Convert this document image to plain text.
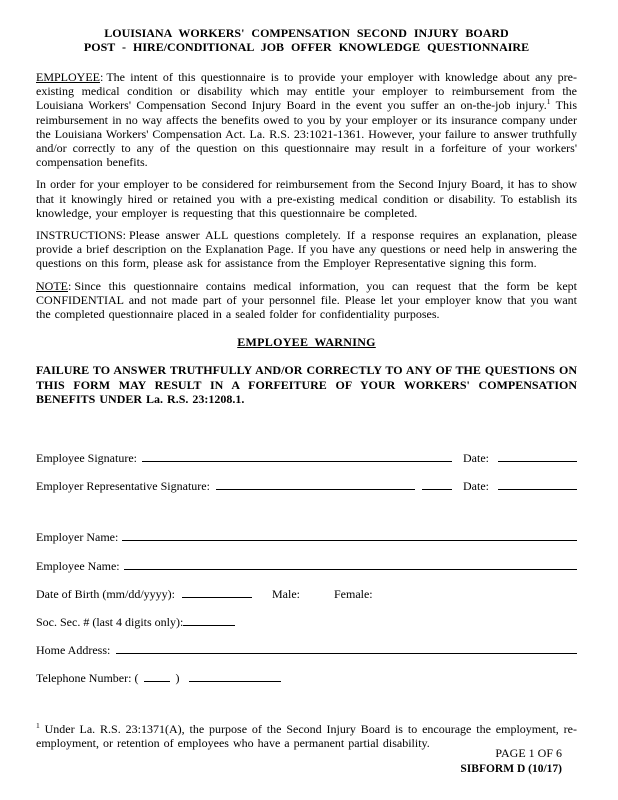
LOUISIANA WORKERS' COMPENSATION SECOND INJURY BOARD
POST - HIRE/CONDITIONAL JOB OFFER KNOWLEDGE QUESTIONNAIRE

EMPLOYEE: The intent of this questionnaire is to provide your employer with knowledge about any pre-existing medical condition or disability which may entitle your employer to reimbursement from the Louisiana Workers' Compensation Second Injury Board in the event you suffer an on-the-job injury.$^1$ This reimbursement in no way affects the benefits owed to you by your employer or its insurance company under the Louisiana Workers' Compensation Act. La. R.S. 23:1021-1361. However, your failure to answer truthfully and/or correctly to any of the question on this questionnaire may result in a forfeiture of your workers' compensation benefits.

In order for your employer to be considered for reimbursement from the Second Injury Board, it has to show that it knowingly hired or retained you with a pre-existing medical condition or disability. To establish its knowledge, your employer is requesting that this questionnaire be completed.

INSTRUCTIONS: Please answer ALL questions completely. If a response requires an explanation, please provide a brief description on the Explanation Page. If you have any questions or need help in answering the questions on this form, please ask for assistance from the Employer Representative signing this form.

NOTE: Since this questionnaire contains medical information, you can request that the form be kept CONFIDENTIAL and not made part of your personnel file. Please let your employer know that you want the completed questionnaire placed in a sealed folder for confidentiality purposes.

EMPLOYEE WARNING

FAILURE TO ANSWER TRUTHFULLY AND/OR CORRECTLY TO ANY OF THE QUESTIONS ON THIS FORM MAY RESULT IN A FORFEITURE OF YOUR WORKERS' COMPENSATION BENEFITS UNDER La. R.S. 23:1208.1.

Employee Signature:	Date:
Employer Representative Signature:	Date:
Employer Name:
Employee Name:
Date of Birth (mm/dd/yyyy):	Male:	Female:
Soc. Sec. # (last 4 digits only):
Home Address:
Telephone Number: (	)

$^1$ Under La. R.S. 23:1371(A), the purpose of the Second Injury Board is to encourage the employment, re-employment, or retention of employees who have a permanent partial disability.

PAGE 1 OF 6
SIBFORM D (10/17)
